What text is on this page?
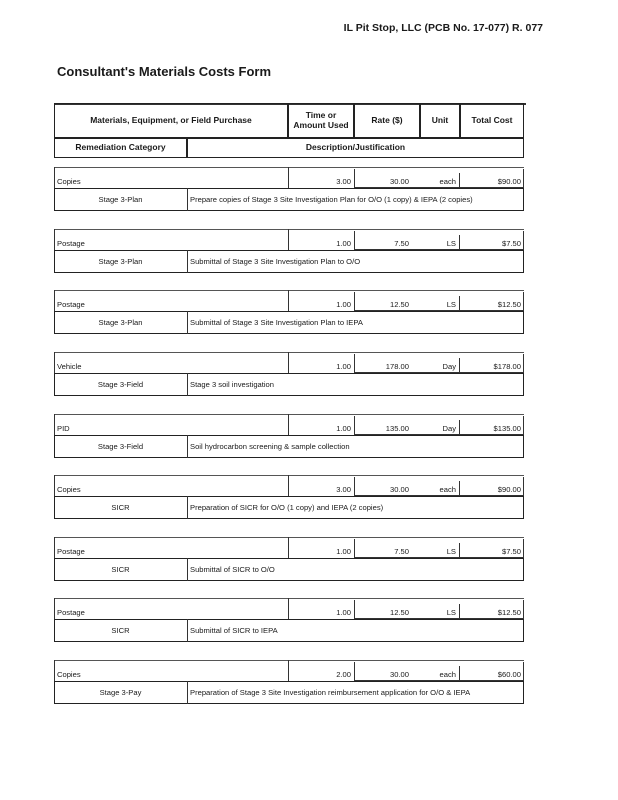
IL Pit Stop, LLC (PCB No. 17-077) R. 077
Consultant's Materials Costs Form
Materials, Equipment, or Field Purchase	Time or Amount Used	Rate ($)	Unit	Total Cost
Remediation Category	Description/Justification
Copies	3.00	30.00	each	$90.00
Stage 3-Plan	Prepare copies of Stage 3 Site Investigation Plan for O/O (1 copy) & IEPA (2 copies)
Postage	1.00	7.50	LS	$7.50
Stage 3-Plan	Submittal of Stage 3 Site Investigation Plan to O/O
Postage	1.00	12.50	LS	$12.50
Stage 3-Plan	Submittal of Stage 3 Site Investigation Plan to IEPA
Vehicle	1.00	178.00	Day	$178.00
Stage 3-Field	Stage 3 soil investigation
PID	1.00	135.00	Day	$135.00
Stage 3-Field	Soil hydrocarbon screening & sample collection
Copies	3.00	30.00	each	$90.00
SICR	Preparation of SICR for O/O (1 copy) and IEPA (2 copies)
Postage	1.00	7.50	LS	$7.50
SICR	Submittal of SICR to O/O
Postage	1.00	12.50	LS	$12.50
SICR	Submittal of SICR to IEPA
Copies	2.00	30.00	each	$60.00
Stage 3-Pay	Preparation of Stage 3 Site Investigation reimbursement application for O/O & IEPA
